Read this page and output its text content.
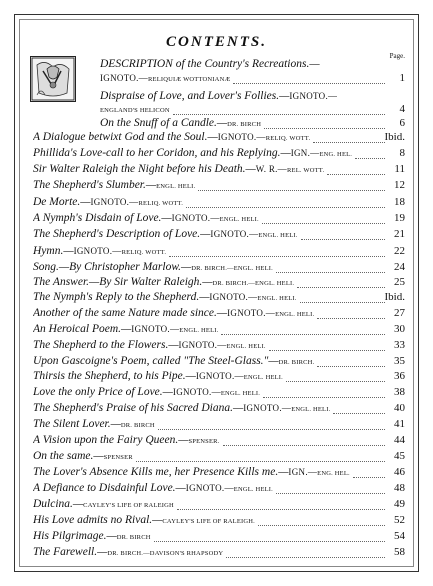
CONTENTS.
Page.
DESCRIPTION of the Country's Recreations.—
IGNOTO.—RELIQUIÆ WOTTONIANÆ	1
Dispraise of Love, and Lover's Follies.—IGNOTO.—
ENGLAND'S HELICON	4
On the Snuff of a Candle.—DR. BIRCH	6
A Dialogue betwixt God and the Soul.—IGNOTO.—RELIQ. WOTT.	Ibid.
Phillida's Love-call to her Coridon, and his Replying.—IGN.—ENG. HEL.	8
Sir Walter Raleigh the Night before his Death.—W. R.—REL. WOTT.	11
The Shepherd's Slumber.—ENGL. HELI.	12
De Morte.—IGNOTO.—RELIQ. WOTT.	18
A Nymph's Disdain of Love.—IGNOTO.—ENGL. HELI.	19
The Shepherd's Description of Love.—IGNOTO.—ENGL. HELI.	21
Hymn.—IGNOTO.—RELIQ. WOTT.	22
Song.—By Christopher Marlow.—DR. BIRCH.—ENGL. HELI.	24
The Answer.—By Sir Walter Raleigh.—DR. BIRCH.—ENGL. HELI.	25
The Nymph's Reply to the Shepherd.—IGNOTO.—ENGL. HELI.	Ibid.
Another of the same Nature made since.—IGNOTO.—ENGL. HELI.	27
An Heroical Poem.—IGNOTO.—ENGL. HELI.	30
The Shepherd to the Flowers.—IGNOTO.—ENGL. HELI.	33
Upon Gascoigne's Poem, called "The Steel-Glass."—DR. BIRCH.	35
Thirsis the Shepherd, to his Pipe.—IGNOTO.—ENGL. HELI.	36
Love the only Price of Love.—IGNOTO.—ENGL. HELI.	38
The Shepherd's Praise of his Sacred Diana.—IGNOTO.—ENGL. HELI.	40
The Silent Lover.—DR. BIRCH	41
A Vision upon the Fairy Queen.—SPENSER.	44
On the same.—SPENSER	45
The Lover's Absence Kills me, her Presence Kills me.—IGN.—ENG. HEL.	46
A Defiance to Disdainful Love.—IGNOTO.—ENGL. HELI.	48
Dulcina.—CAYLEY'S LIFE OF RALEIGH	49
His Love admits no Rival.—CAYLEY'S LIFE OF RALEIGH.	52
His Pilgrimage.—DR. BIRCH	54
The Farewell.—DR. BIRCH.—DAVISON'S RHAPSODY	58
